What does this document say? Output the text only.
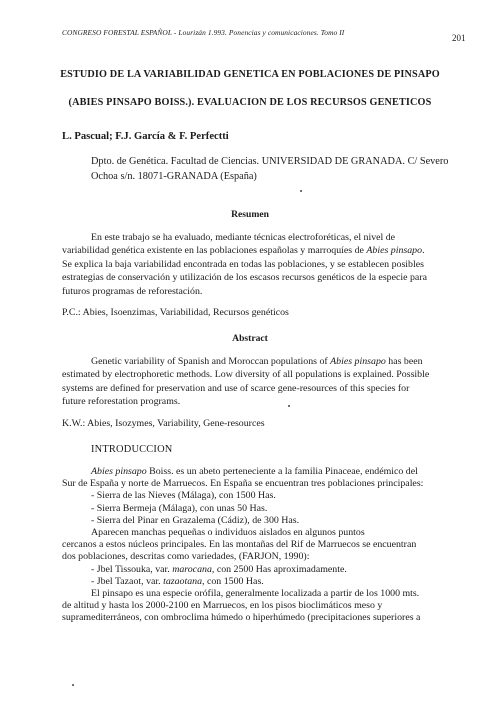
CONGRESO FORESTAL ESPAÑOL - Lourizán 1.993. Ponencias y comunicaciones. Tomo II
201
ESTUDIO DE LA VARIABILIDAD GENETICA EN POBLACIONES DE PINSAPO
(ABIES PINSAPO BOISS.). EVALUACION DE LOS RECURSOS GENETICOS
L. Pascual; F.J. García & F. Perfectti
Dpto. de Genética. Facultad de Ciencias. UNIVERSIDAD DE GRANADA. C/ Severo Ochoa s/n. 18071-GRANADA (España)
Resumen
En este trabajo se ha evaluado, mediante técnicas electroforéticas, el nivel de
variabilidad genética existente en las poblaciones españolas y marroquíes de Abies pinsapo.
Se explica la baja variabilidad encontrada en todas las poblaciones, y se establecen posibles
estrategias de conservación y utilización de los escasos recursos genéticos de la especie para
futuros programas de reforestación.
P.C.: Abies, Isoenzimas, Variabilidad, Recursos genéticos
Abstract
Genetic variability of Spanish and Moroccan populations of Abies pinsapo has been
estimated by electrophoretic methods. Low diversity of all populations is explained. Possible
systems are defined for preservation and use of scarce gene-resources of this species for
future reforestation programs.
K.W.: Abies, Isozymes, Variability, Gene-resources
INTRODUCCION
Abies pinsapo Boiss. es un abeto perteneciente a la familia Pinaceae, endémico del
Sur de España y norte de Marruecos. En España se encuentran tres poblaciones principales:
- Sierra de las Nieves (Málaga), con 1500 Has.
- Sierra Bermeja (Málaga), con unas 50 Has.
- Sierra del Pinar en Grazalema (Cádiz), de 300 Has.
Aparecen manchas pequeñas o individuos aislados en algunos puntos
cercanos a estos núcleos principales. En las montañas del Rif de Marruecos se encuentran
dos poblaciones, descritas como variedades, (FARJON, 1990):
- Jbel Tissouka, var. marocana, con 2500 Has aproximadamente.
- Jbel Tazaot, var. tazaotana, con 1500 Has.
El pinsapo es una especie orófila, generalmente localizada a partir de los 1000 mts.
de altitud y hasta los 2000-2100 en Marruecos, en los pisos bioclimáticos meso y
supramediterráneos, con ombroclima húmedo o hiperhúmedo (precipitaciones superiores a
